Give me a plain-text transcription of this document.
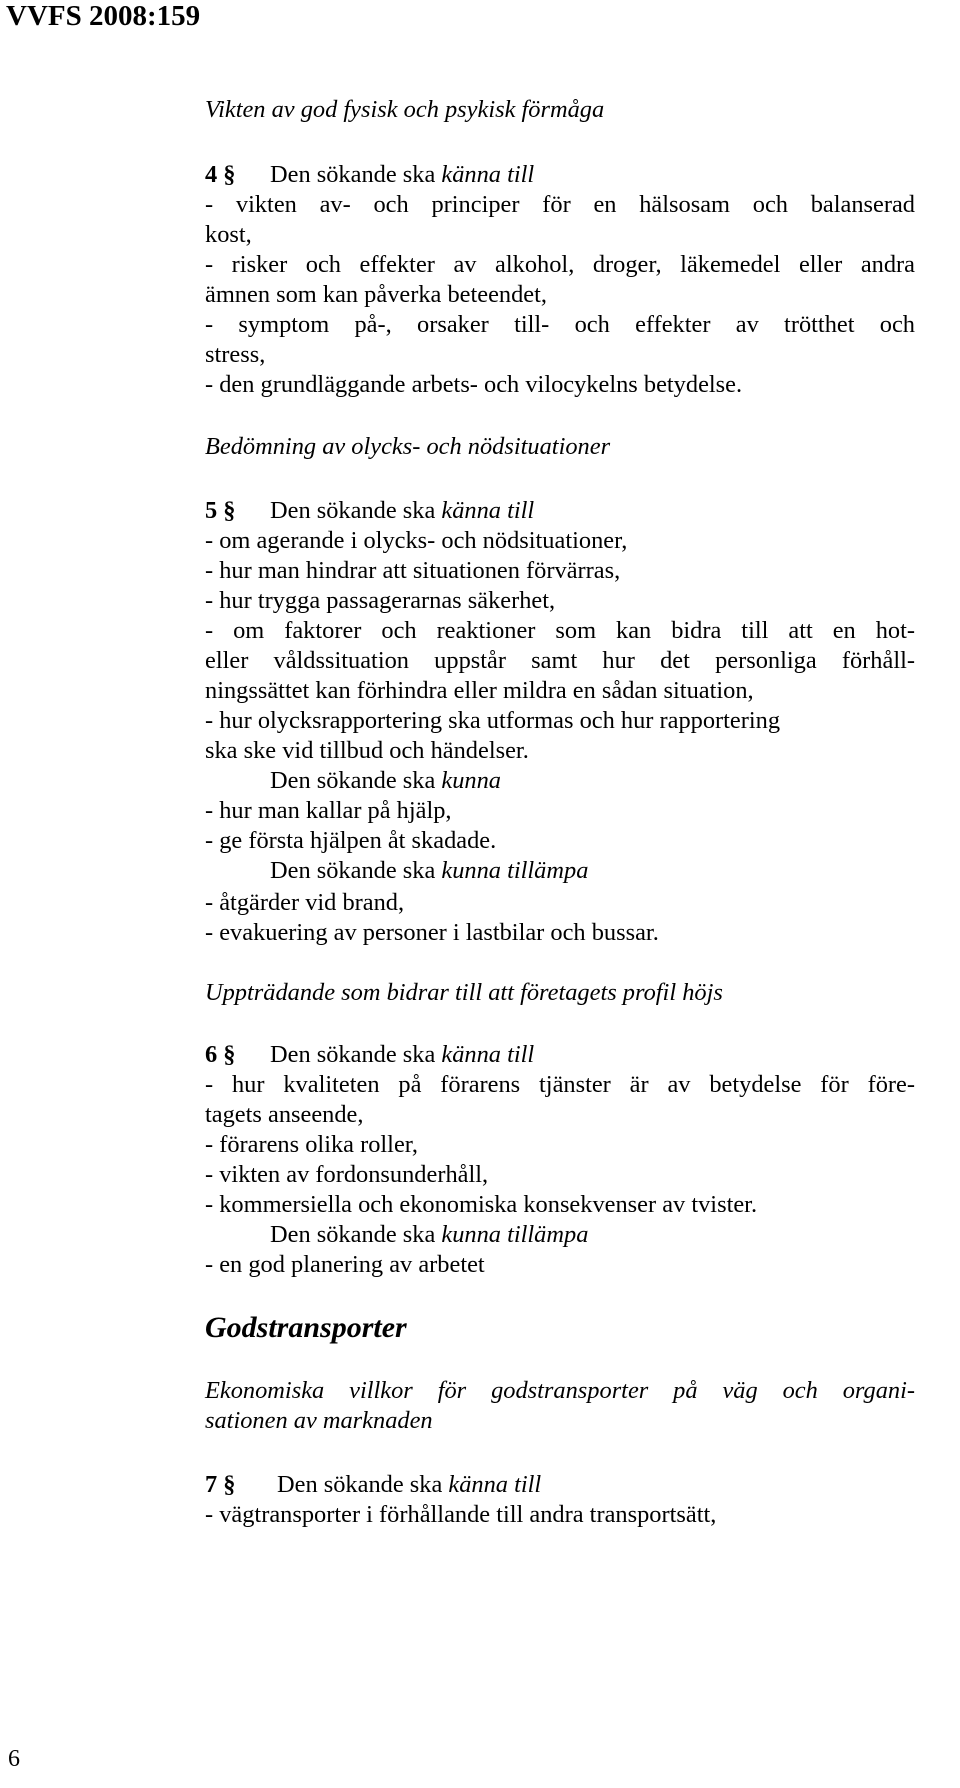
VVFS 2008:159
Vikten av god fysisk och psykisk förmåga
4 § Den sökande ska känna till
- vikten av- och principer för en hälsosam och balanserad
kost,
- risker och effekter av alkohol, droger, läkemedel eller andra
ämnen som kan påverka beteendet,
- symptom på-, orsaker till- och effekter av trötthet och
stress,
- den grundläggande arbets- och vilocykelns betydelse.
Bedömning av olycks- och nödsituationer
5 § Den sökande ska känna till
- om agerande i olycks- och nödsituationer,
- hur man hindrar att situationen förvärras,
- hur trygga passagerarnas säkerhet,
- om faktorer och reaktioner som kan bidra till att en hot-
eller våldssituation uppstår samt hur det personliga förhåll-
ningssättet kan förhindra eller mildra en sådan situation,
- hur olycksrapportering ska utformas och hur rapportering
ska ske vid tillbud och händelser.
Den sökande ska kunna
- hur man kallar på hjälp,
- ge första hjälpen åt skadade.
Den sökande ska kunna tillämpa
- åtgärder vid brand,
- evakuering av personer i lastbilar och bussar.
Uppträdande som bidrar till att företagets profil höjs
6 § Den sökande ska känna till
- hur kvaliteten på förarens tjänster är av betydelse för före-
tagets anseende,
- förarens olika roller,
- vikten av fordonsunderhåll,
- kommersiella och ekonomiska konsekvenser av tvister.
Den sökande ska kunna tillämpa
- en god planering av arbetet
Godstransporter
Ekonomiska villkor för godstransporter på väg och organi-
sationen av marknaden
7 § Den sökande ska känna till
- vägtransporter i förhållande till andra transportsätt,
6
